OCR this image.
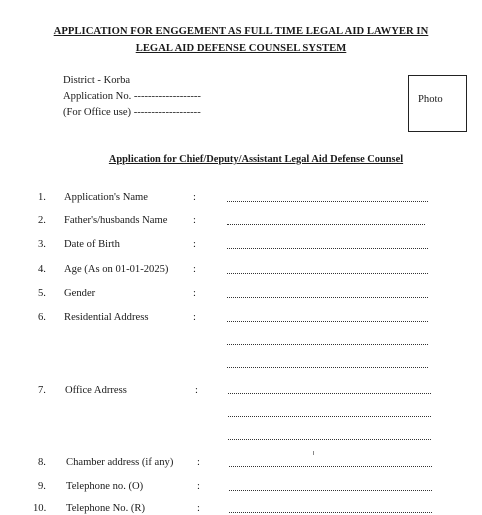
APPLICATION FOR ENGGEMENT AS FULL TIME LEGAL AID LAWYER IN
LEGAL AID DEFENSE COUNSEL SYSTEM
District - Korba
Application No. -------------------
(For Office use) -------------------
Photo
Application for Chief/Deputy/Assistant Legal Aid Defense Counsel
1. Application's Name	:
2. Father's/husbands Name :
3. Date of Birth	:
4. Age (As on 01-01-2025) :
5. Gender	:
6. Residential Address	:
7. Office Adrress	:
8. Chamber address (if any) :
9. Telephone no. (O)	:
10. Telephone No. (R)	:
